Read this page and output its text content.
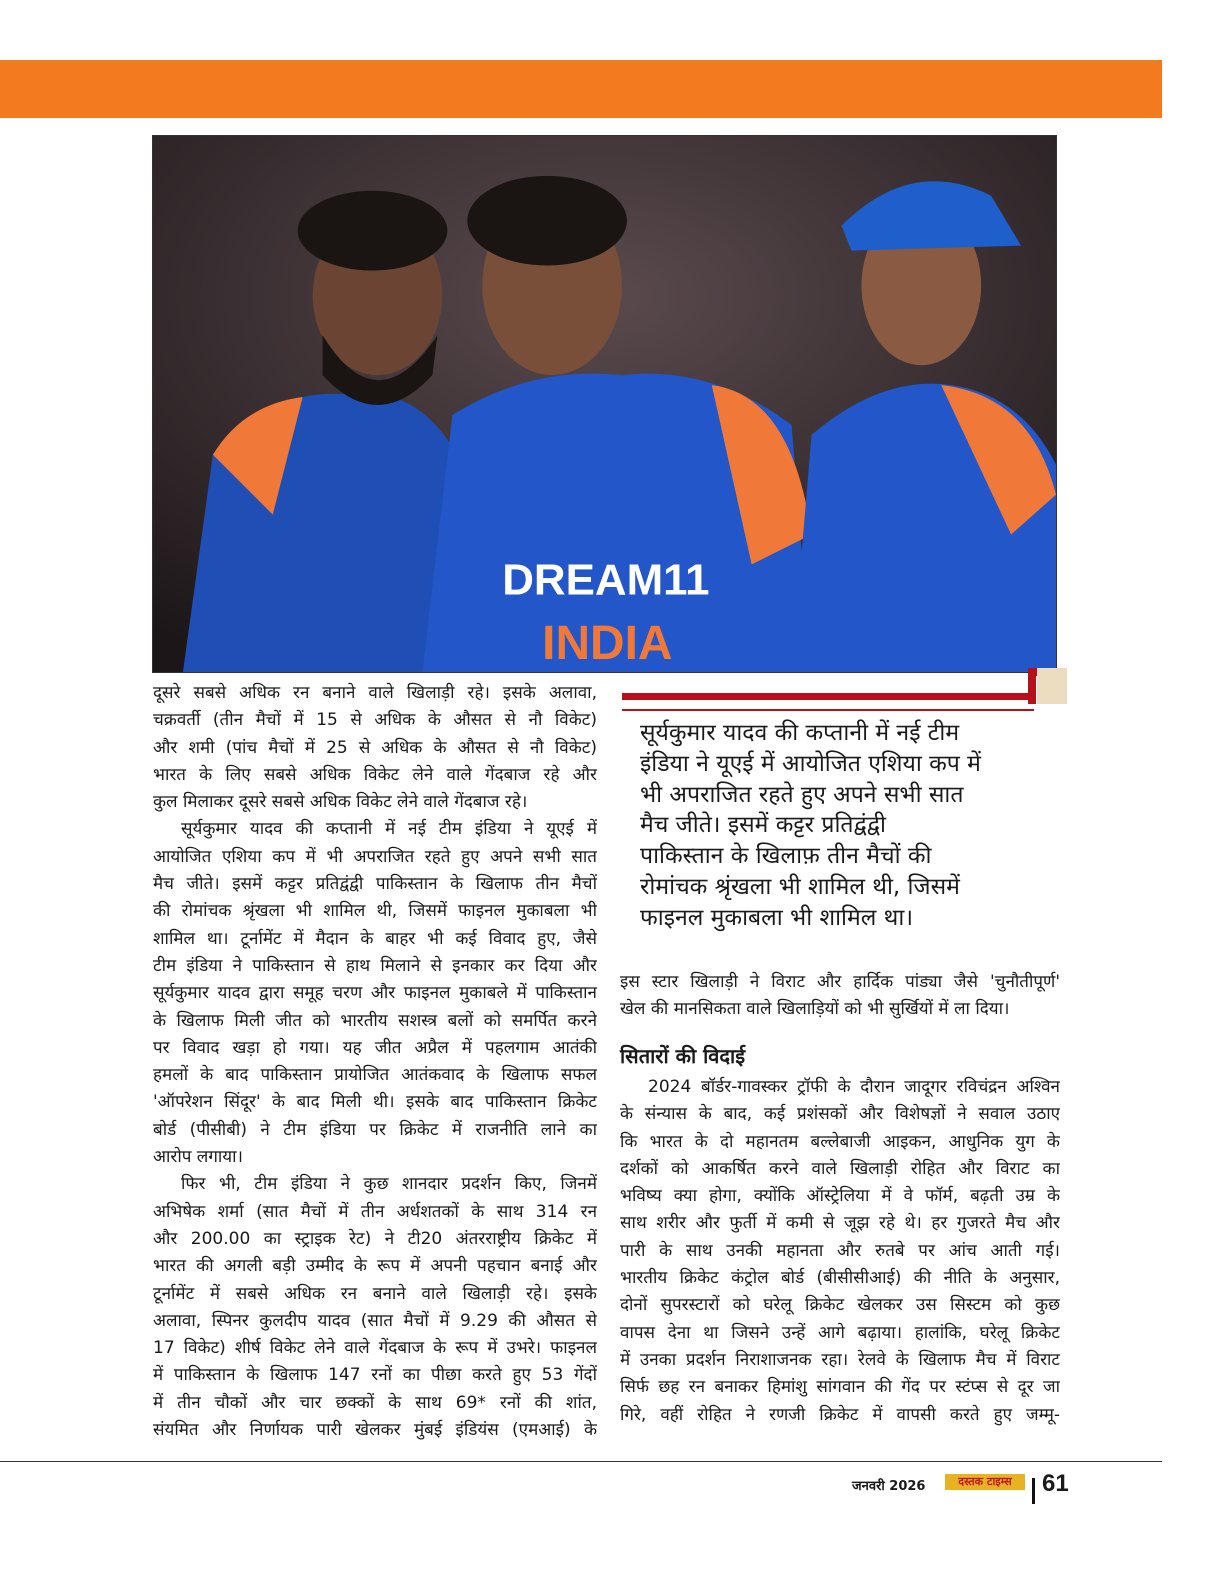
DREAM11
INDIA
दूसरे सबसे अधिक रन बनाने वाले खिलाड़ी रहे। इसके अलावा,
चक्रवर्ती (तीन मैचों में 15 से अधिक के औसत से नौ विकेट)
और शमी (पांच मैचों में 25 से अधिक के औसत से नौ विकेट)
भारत के लिए सबसे अधिक विकेट लेने वाले गेंदबाज रहे और
कुल मिलाकर दूसरे सबसे अधिक विकेट लेने वाले गेंदबाज रहे।
सूर्यकुमार यादव की कप्तानी में नई टीम इंडिया ने यूएई में
आयोजित एशिया कप में भी अपराजित रहते हुए अपने सभी सात
मैच जीते। इसमें कट्टर प्रतिद्वंद्वी पाकिस्तान के खिलाफ तीन मैचों
की रोमांचक श्रृंखला भी शामिल थी, जिसमें फाइनल मुकाबला भी
शामिल था। टूर्नामेंट में मैदान के बाहर भी कई विवाद हुए, जैसे
टीम इंडिया ने पाकिस्तान से हाथ मिलाने से इनकार कर दिया और
सूर्यकुमार यादव द्वारा समूह चरण और फाइनल मुकाबले में पाकिस्तान
के खिलाफ मिली जीत को भारतीय सशस्त्र बलों को समर्पित करने
पर विवाद खड़ा हो गया। यह जीत अप्रैल में पहलगाम आतंकी
हमलों के बाद पाकिस्तान प्रायोजित आतंकवाद के खिलाफ सफल
'ऑपरेशन सिंदूर' के बाद मिली थी। इसके बाद पाकिस्तान क्रिकेट
बोर्ड (पीसीबी) ने टीम इंडिया पर क्रिकेट में राजनीति लाने का
आरोप लगाया।
फिर भी, टीम इंडिया ने कुछ शानदार प्रदर्शन किए, जिनमें
अभिषेक शर्मा (सात मैचों में तीन अर्धशतकों के साथ 314 रन
और 200.00 का स्ट्राइक रेट) ने टी20 अंतरराष्ट्रीय क्रिकेट में
भारत की अगली बड़ी उम्मीद के रूप में अपनी पहचान बनाई और
टूर्नामेंट में सबसे अधिक रन बनाने वाले खिलाड़ी रहे। इसके
अलावा, स्पिनर कुलदीप यादव (सात मैचों में 9.29 की औसत से
17 विकेट) शीर्ष विकेट लेने वाले गेंदबाज के रूप में उभरे। फाइनल
में पाकिस्तान के खिलाफ 147 रनों का पीछा करते हुए 53 गेंदों
में तीन चौकों और चार छक्कों के साथ 69* रनों की शांत,
संयमित और निर्णायक पारी खेलकर मुंबई इंडियंस (एमआई) के
सूर्यकुमार यादव की कप्तानी में नई टीम
इंडिया ने यूएई में आयोजित एशिया कप में
भी अपराजित रहते हुए अपने सभी सात
मैच जीते। इसमें कट्टर प्रतिद्वंद्वी
पाकिस्तान के खिलाफ़ तीन मैचों की
रोमांचक श्रृंखला भी शामिल थी, जिसमें
फाइनल मुकाबला भी शामिल था।
इस स्टार खिलाड़ी ने विराट और हार्दिक पांड्या जैसे 'चुनौतीपूर्ण'
खेल की मानसिकता वाले खिलाड़ियों को भी सुर्खियों में ला दिया।
सितारों की विदाई
2024 बॉर्डर-गावस्कर ट्रॉफी के दौरान जादूगर रविचंद्रन अश्विन
के संन्यास के बाद, कई प्रशंसकों और विशेषज्ञों ने सवाल उठाए
कि भारत के दो महानतम बल्लेबाजी आइकन, आधुनिक युग के
दर्शकों को आकर्षित करने वाले खिलाड़ी रोहित और विराट का
भविष्य क्या होगा, क्योंकि ऑस्ट्रेलिया में वे फॉर्म, बढ़ती उम्र के
साथ शरीर और फुर्ती में कमी से जूझ रहे थे। हर गुजरते मैच और
पारी के साथ उनकी महानता और रुतबे पर आंच आती गई।
भारतीय क्रिकेट कंट्रोल बोर्ड (बीसीसीआई) की नीति के अनुसार,
दोनों सुपरस्टारों को घरेलू क्रिकेट खेलकर उस सिस्टम को कुछ
वापस देना था जिसने उन्हें आगे बढ़ाया। हालांकि, घरेलू क्रिकेट
में उनका प्रदर्शन निराशाजनक रहा। रेलवे के खिलाफ मैच में विराट
सिर्फ छह रन बनाकर हिमांशु सांगवान की गेंद पर स्टंप्स से दूर जा
गिरे, वहीं रोहित ने रणजी क्रिकेट में वापसी करते हुए जम्मू-
जनवरी 2026	दस्तक टाइम्स	61
